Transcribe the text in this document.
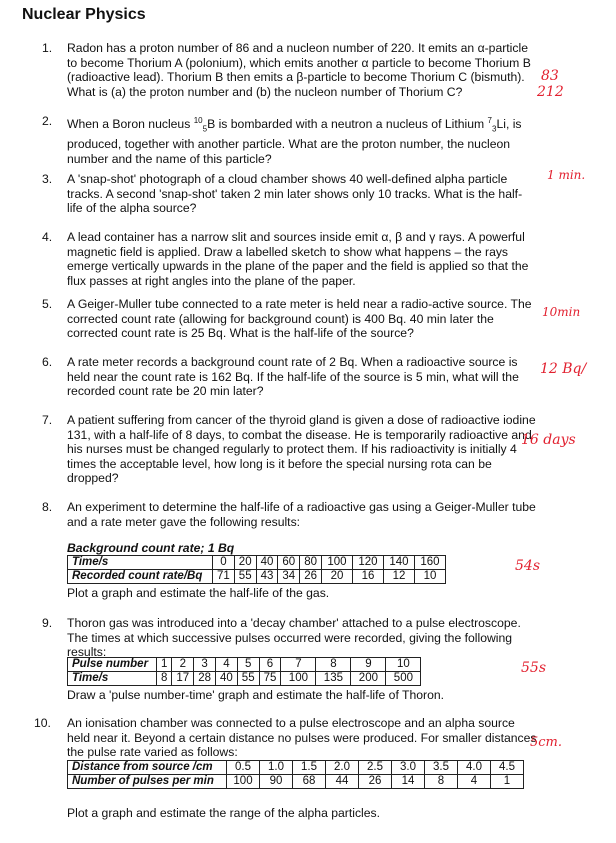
Nuclear Physics
1. Radon has a proton number of 86 and a nucleon number of 220. It emits an α-particle to become Thorium A (polonium), which emits another α particle to become Thorium B (radioactive lead). Thorium B then emits a β-particle to become Thorium C (bismuth). What is (a) the proton number and (b) the nucleon number of Thorium C?
2. When a Boron nucleus $^{10}_5$B is bombarded with a neutron a nucleus of Lithium $^7_3$Li, is produced, together with another particle. What are the proton number, the nucleon number and the name of this particle?
3. A 'snap-shot' photograph of a cloud chamber shows 40 well-defined alpha particle tracks. A second 'snap-shot' taken 2 min later shows only 10 tracks. What is the half-life of the alpha source?
4. A lead container has a narrow slit and sources inside emit α, β and γ rays. A powerful magnetic field is applied. Draw a labelled sketch to show what happens – the rays emerge vertically upwards in the plane of the paper and the field is applied so that the flux passes at right angles into the plane of the paper.
5. A Geiger-Muller tube connected to a rate meter is held near a radio-active source. The corrected count rate (allowing for background count) is 400 Bq. 40 min later the corrected count rate is 25 Bq. What is the half-life of the source?
6. A rate meter records a background count rate of 2 Bq. When a radioactive source is held near the count rate is 162 Bq. If the half-life of the source is 5 min, what will the recorded count rate be 20 min later?
7. A patient suffering from cancer of the thyroid gland is given a dose of radioactive iodine 131, with a half-life of 8 days, to combat the disease. He is temporarily radioactive and his nurses must be changed regularly to protect them. If his radioactivity is initially 4 times the acceptable level, how long is it before the special nursing rota can be dropped?
8. An experiment to determine the half-life of a radioactive gas using a Geiger-Muller tube and a rate meter gave the following results:
Background count rate; 1 Bq
Time/s	0	20	40	60	80	100	120	140	160
Recorded count rate/Bq	71	55	43	34	26	20	16	12	10
Plot a graph and estimate the half-life of the gas.
9. Thoron gas was introduced into a 'decay chamber' attached to a pulse electroscope. The times at which successive pulses occurred were recorded, giving the following results:
Pulse number	1	2	3	4	5	6	7	8	9	10
Time/s	8	17	28	40	55	75	100	135	200	500
Draw a 'pulse number-time' graph and estimate the half-life of Thoron.
10. An ionisation chamber was connected to a pulse electroscope and an alpha source held near it. Beyond a certain distance no pulses were produced. For smaller distances the pulse rate varied as follows:
Distance from source /cm	0.5	1.0	1.5	2.0	2.5	3.0	3.5	4.0	4.5
Number of pulses per min	100	90	68	44	26	14	8	4	1
Plot a graph and estimate the range of the alpha particles.
83
212
1 min.
10min
12 Bq/
16 days
54s
55s
5cm.
